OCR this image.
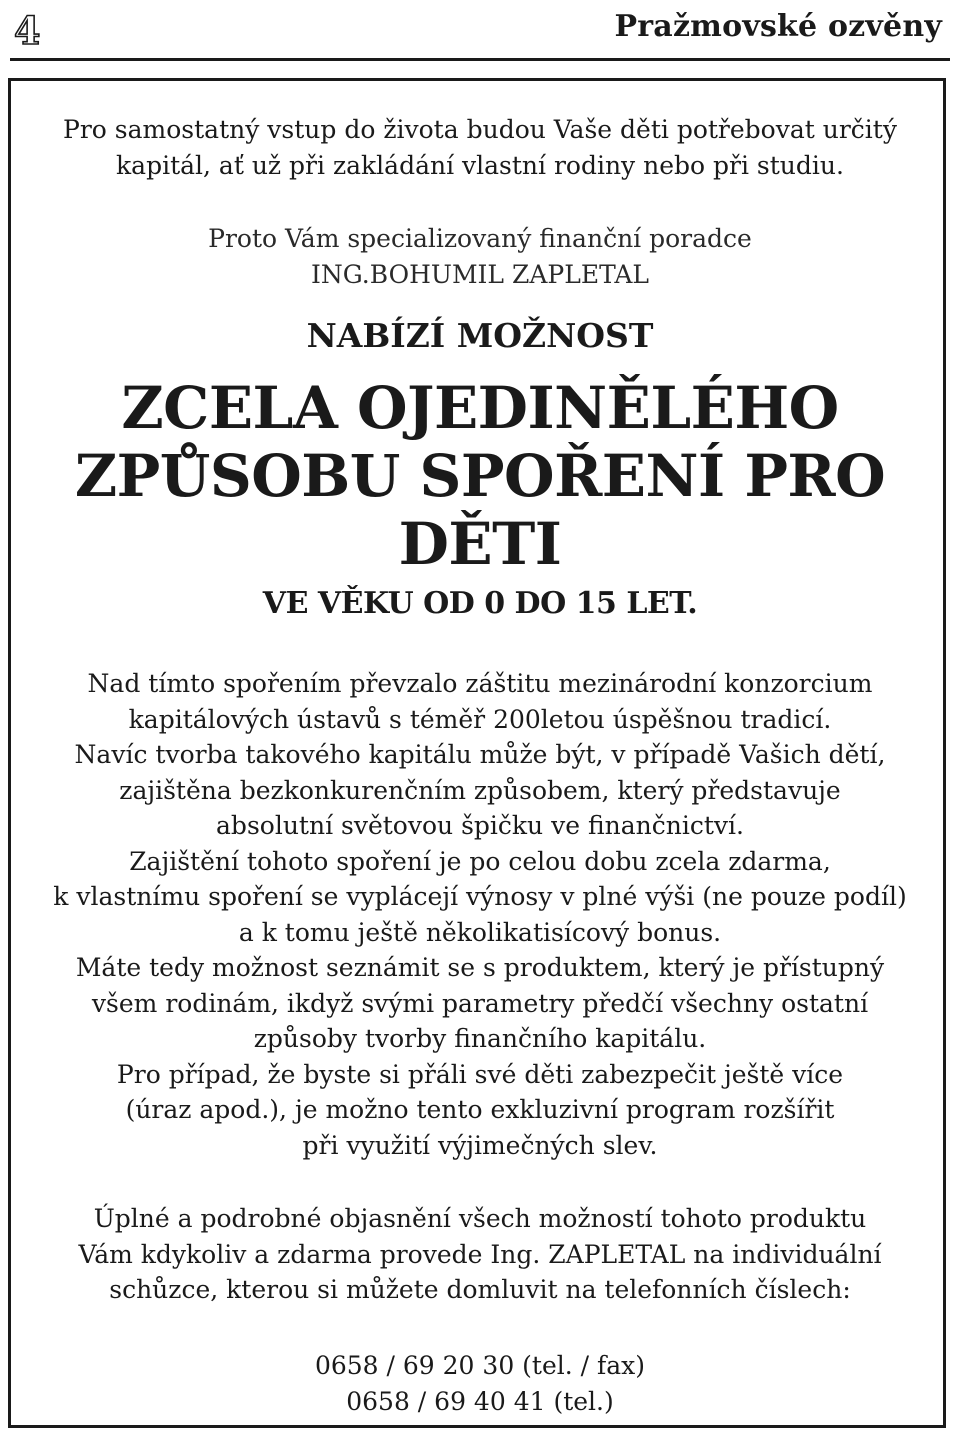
4	Pražmovské ozvěny

Pro samostatný vstup do života budou Vaše děti potřebovat určitý

kapitál, ať už při zakládání vlastní rodiny nebo při studiu.

Proto Vám specializovaný finanční poradce

ING.BOHUMIL ZAPLETAL

NABÍZÍ MOŽNOST

ZCELA OJEDINĚLÉHO

ZPŮSOBU SPOŘENÍ PRO DĚTI

VE VĚKU OD 0 DO 15 LET.

Nad tímto spořením převzalo záštitu mezinárodní konzorcium

kapitálových ústavů s téměř 200letou úspěšnou tradicí.

Navíc tvorba takového kapitálu může být, v případě Vašich dětí,

zajištěna bezkonkurenčním způsobem, který představuje

absolutní světovou špičku ve finančnictví.

Zajištění tohoto spoření je po celou dobu zcela zdarma,

k vlastnímu spoření se vyplácejí výnosy v plné výši (ne pouze podíl)

a k tomu ještě několikatisícový bonus.

Máte tedy možnost seznámit se s produktem, který je přístupný

všem rodinám, ikdyž svými parametry předčí všechny ostatní

způsoby tvorby finančního kapitálu.

Pro případ, že byste si přáli své děti zabezpečit ještě více

(úraz apod.), je možno tento exkluzivní program rozšířit

při využití výjimečných slev.

Úplné a podrobné objasnění všech možností tohoto produktu

Vám kdykoliv a zdarma provede Ing. ZAPLETAL na individuální

schůzce, kterou si můžete domluvit na telefonních číslech:

0658 / 69 20 30 (tel. / fax)

0658 / 69 40 41 (tel.)
